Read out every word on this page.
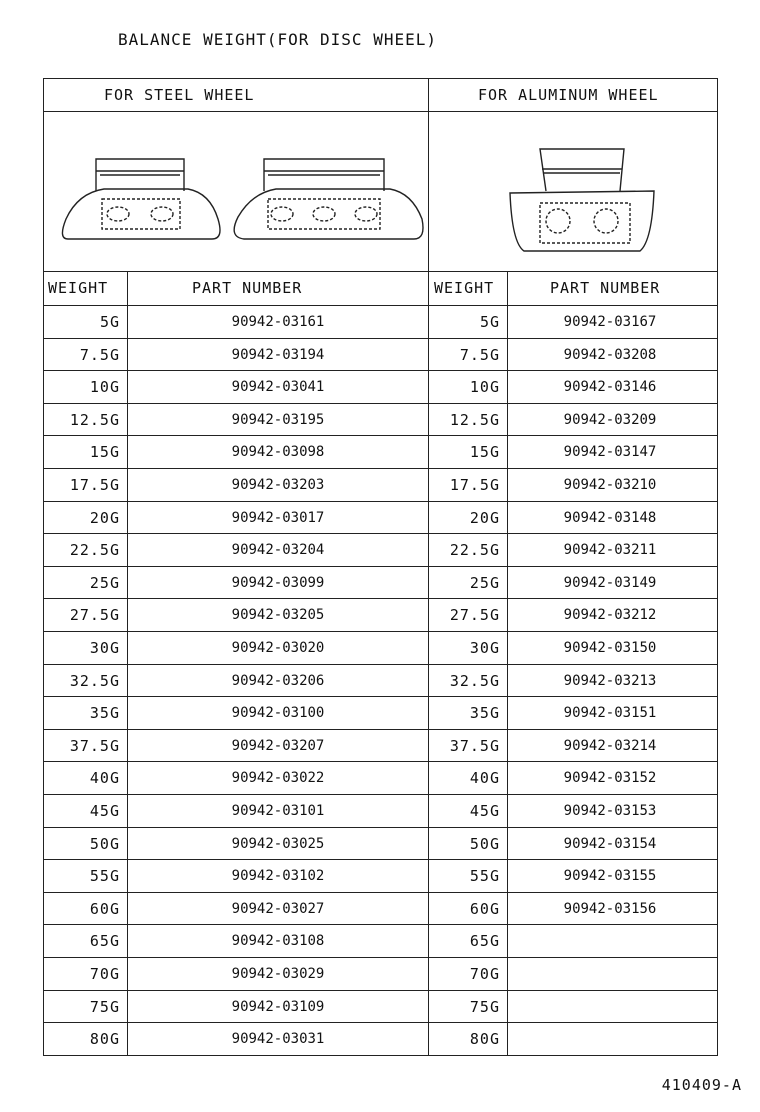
BALANCE WEIGHT(FOR DISC WHEEL)
FOR STEEL WHEEL	FOR ALUMINUM WHEEL
WEIGHT	PART NUMBER	WEIGHT	PART NUMBER
5G	90942-03161	5G	90942-03167
7.5G	90942-03194	7.5G	90942-03208
10G	90942-03041	10G	90942-03146
12.5G	90942-03195	12.5G	90942-03209
15G	90942-03098	15G	90942-03147
17.5G	90942-03203	17.5G	90942-03210
20G	90942-03017	20G	90942-03148
22.5G	90942-03204	22.5G	90942-03211
25G	90942-03099	25G	90942-03149
27.5G	90942-03205	27.5G	90942-03212
30G	90942-03020	30G	90942-03150
32.5G	90942-03206	32.5G	90942-03213
35G	90942-03100	35G	90942-03151
37.5G	90942-03207	37.5G	90942-03214
40G	90942-03022	40G	90942-03152
45G	90942-03101	45G	90942-03153
50G	90942-03025	50G	90942-03154
55G	90942-03102	55G	90942-03155
60G	90942-03027	60G	90942-03156
65G	90942-03108	65G
70G	90942-03029	70G
75G	90942-03109	75G
80G	90942-03031	80G
410409-A
